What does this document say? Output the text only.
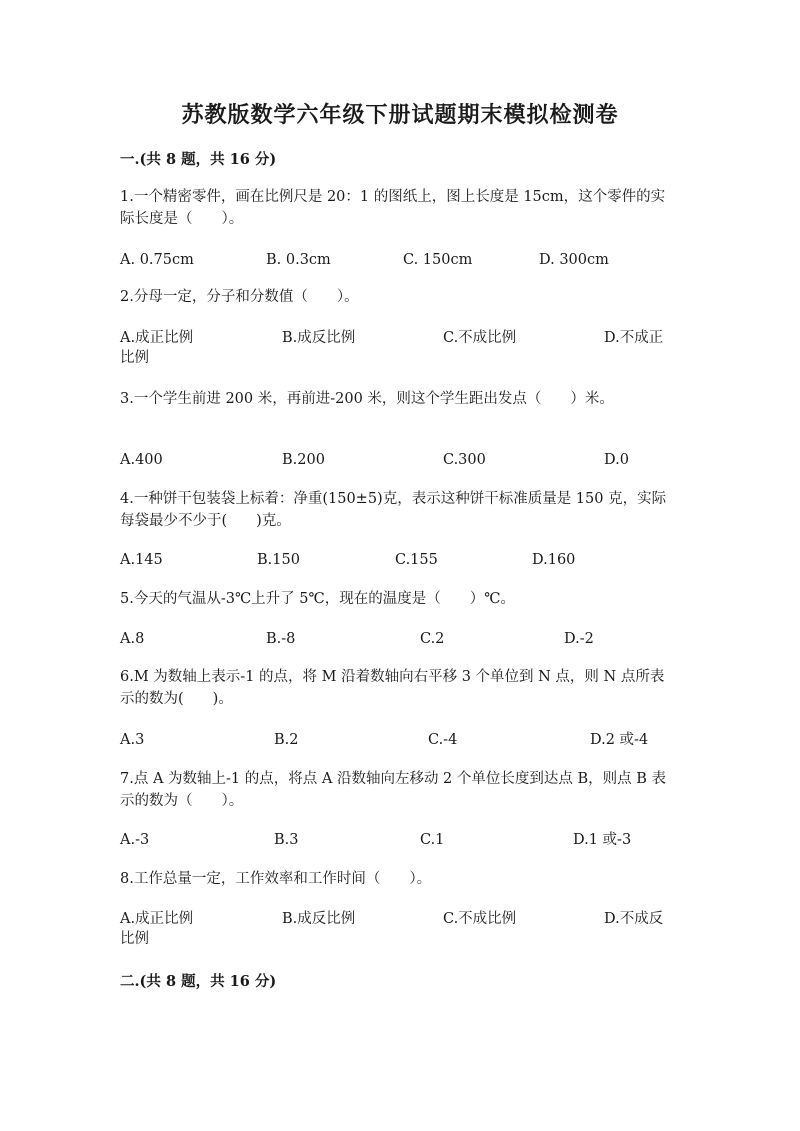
苏教版数学六年级下册试题期末模拟检测卷
一.(共 8 题，共 16 分)
1.一个精密零件，画在比例尺是 20：1 的图纸上，图上长度是 15cm，这个零件的实际长度是（　　）。
A. 0.75cm	B. 0.3cm	C. 150cm	D. 300cm
2.分母一定，分子和分数值（　　）。
A.成正比例	B.成反比例	C.不成比例	D.不成正
比例
3.一个学生前进 200 米，再前进-200 米，则这个学生距出发点（　　）米。
A.400	B.200	C.300	D.0
4.一种饼干包装袋上标着：净重(150±5)克，表示这种饼干标准质量是 150 克，实际每袋最少不少于(　　)克。
A.145	B.150	C.155	D.160
5.今天的气温从-3℃上升了 5℃，现在的温度是（　　）℃。
A.8	B.-8	C.2	D.-2
6.M 为数轴上表示-1 的点，将 M 沿着数轴向右平移 3 个单位到 N 点，则 N 点所表示的数为(　　)。
A.3	B.2	C.-4	D.2 或-4
7.点 A 为数轴上-1 的点，将点 A 沿数轴向左移动 2 个单位长度到达点 B，则点 B 表示的数为（　　）。
A.-3	B.3	C.1	D.1 或-3
8.工作总量一定，工作效率和工作时间（　　）。
A.成正比例	B.成反比例	C.不成比例	D.不成反
比例
二.(共 8 题，共 16 分)
